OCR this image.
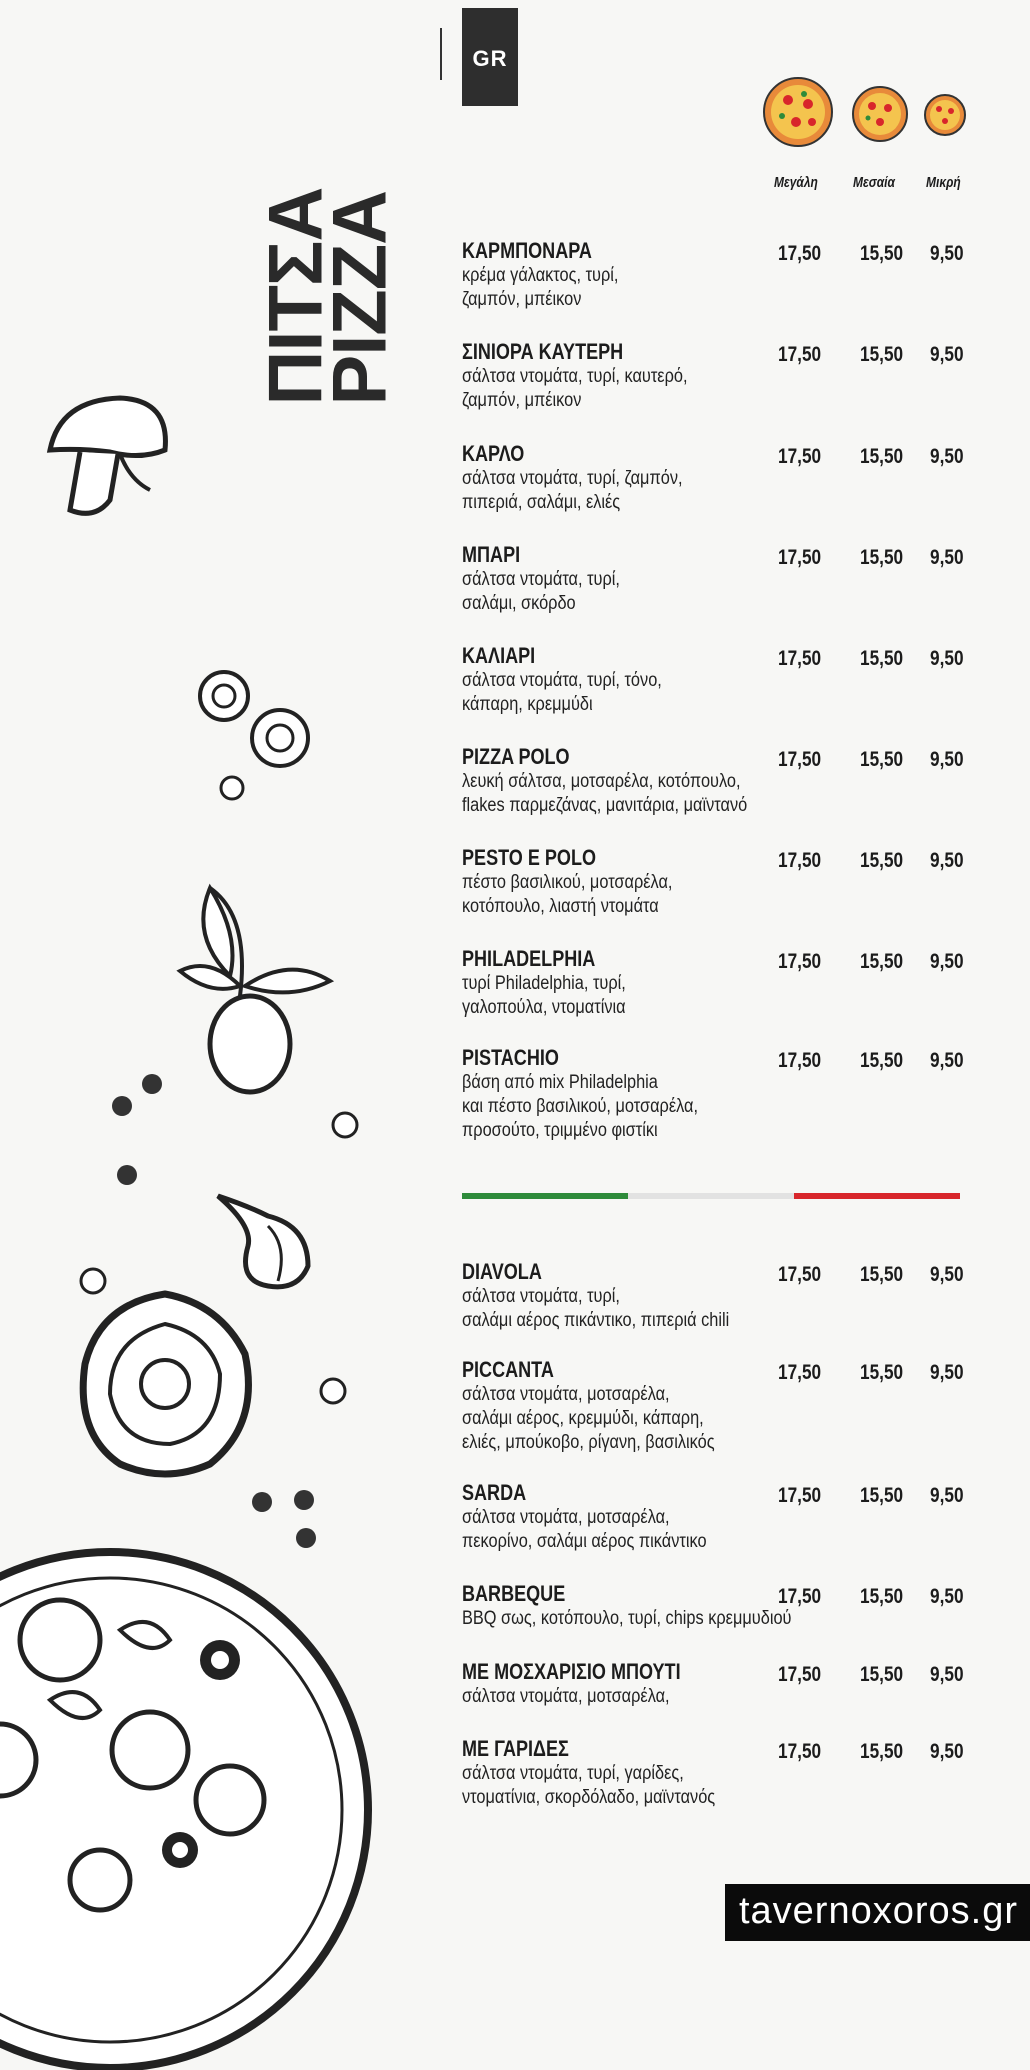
GR
Μεγάλη Μεσαία Μικρή
ΠΙΤΣΑ
PIZZA	ΚΑΡΜΠΟΝΑΡΑ
κρέμα γάλακτος, τυρί,
ζαμπόν, μπέικον
17,50 15,50 9,50
ΣΙΝΙΟΡΑ ΚΑΥΤΕΡΗ
σάλτσα ντομάτα, τυρί, καυτερό,
ζαμπόν, μπέικον
17,50 15,50 9,50
ΚΑΡΛΟ
σάλτσα ντομάτα, τυρί, ζαμπόν,
πιπεριά, σαλάμι, ελιές
17,50 15,50 9,50
ΜΠΑΡΙ
σάλτσα ντομάτα, τυρί,
σαλάμι, σκόρδο
17,50 15,50 9,50
ΚΑΛΙΑΡΙ
σάλτσα ντομάτα, τυρί, τόνο,
κάπαρη, κρεμμύδι
17,50 15,50 9,50
PIZZA POLO
λευκή σάλτσα, μοτσαρέλα, κοτόπουλο,
flakes παρμεζάνας, μανιτάρια, μαϊντανό
17,50 15,50 9,50
PESTO E POLO
πέστο βασιλικού, μοτσαρέλα,
κοτόπουλο, λιαστή ντομάτα
17,50 15,50 9,50
PHILADELPHIA
τυρί Philadelphia, τυρί,
γαλοπούλα, ντοματίνια
17,50 15,50 9,50
PISTACHIO
βάση από mix Philadelphia
και πέστο βασιλικού, μοτσαρέλα,
προσούτο, τριμμένο φιστίκι
17,50 15,50 9,50
DIAVOLA
σάλτσα ντομάτα, τυρί,
σαλάμι αέρος πικάντικο, πιπεριά chili
17,50 15,50 9,50
PICCANTA
σάλτσα ντομάτα, μοτσαρέλα,
σαλάμι αέρος, κρεμμύδι, κάπαρη,
ελιές, μπούκοβο, ρίγανη, βασιλικός
17,50 15,50 9,50
SARDA
σάλτσα ντομάτα, μοτσαρέλα,
πεκορίνο, σαλάμι αέρος πικάντικο
17,50 15,50 9,50
BARBEQUE
BBQ σως, κοτόπουλο, τυρί, chips κρεμμυδιού
17,50 15,50 9,50
ΜΕ ΜΟΣΧΑΡΙΣΙΟ ΜΠΟΥΤΙ
σάλτσα ντομάτα, μοτσαρέλα,
17,50 15,50 9,50
ΜΕ ΓΑΡΙΔΕΣ
σάλτσα ντομάτα, τυρί, γαρίδες,
ντοματίνια, σκορδόλαδο, μαϊντανός
17,50 15,50 9,50
tavernoxoros.gr
